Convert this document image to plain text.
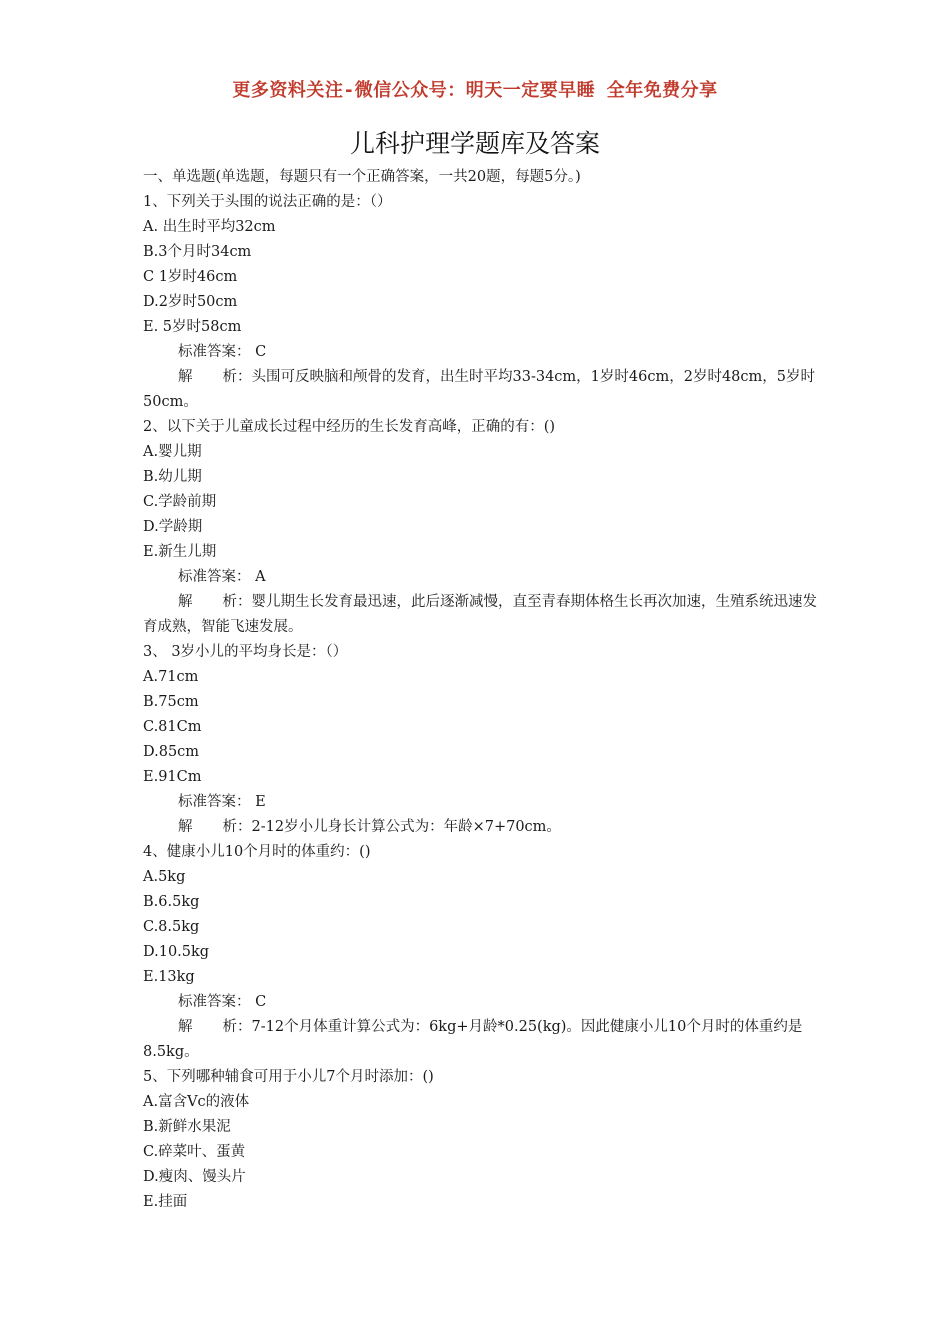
更多资料关注-微信公众号：明天一定要早睡 全年免费分享
儿科护理学题库及答案
一、单选题(单选题，每题只有一个正确答案，一共20题，每题5分。)
1、下列关于头围的说法正确的是：（）
A. 出生时平均32cm
B.3个月时34cm
C 1岁时46cm
D.2岁时50cm
E. 5岁时58cm
标准答案： C
解 析：头围可反映脑和颅骨的发育，出生时平均33-34cm，1岁时46cm，2岁时48cm，5岁时50cm。
2、以下关于儿童成长过程中经历的生长发育高峰，正确的有：()
A.婴儿期
B.幼儿期
C.学龄前期
D.学龄期
E.新生儿期
标准答案： A
解 析：婴儿期生长发育最迅速，此后逐渐减慢，直至青春期体格生长再次加速，生殖系统迅速发育成熟，智能飞速发展。
3、 3岁小儿的平均身长是：（）
A.71cm
B.75cm
C.81Cm
D.85cm
E.91Cm
标准答案： E
解 析：2-12岁小儿身长计算公式为：年龄×7+70cm。
4、健康小儿10个月时的体重约：()
A.5kg
B.6.5kg
C.8.5kg
D.10.5kg
E.13kg
标准答案： C
解 析：7-12个月体重计算公式为：6kg+月龄*0.25(kg)。因此健康小儿10个月时的体重约是8.5kg。
5、下列哪种辅食可用于小儿7个月时添加：()
A.富含Vc的液体
B.新鲜水果泥
C.碎菜叶、蛋黄
D.瘦肉、馒头片
E.挂面
